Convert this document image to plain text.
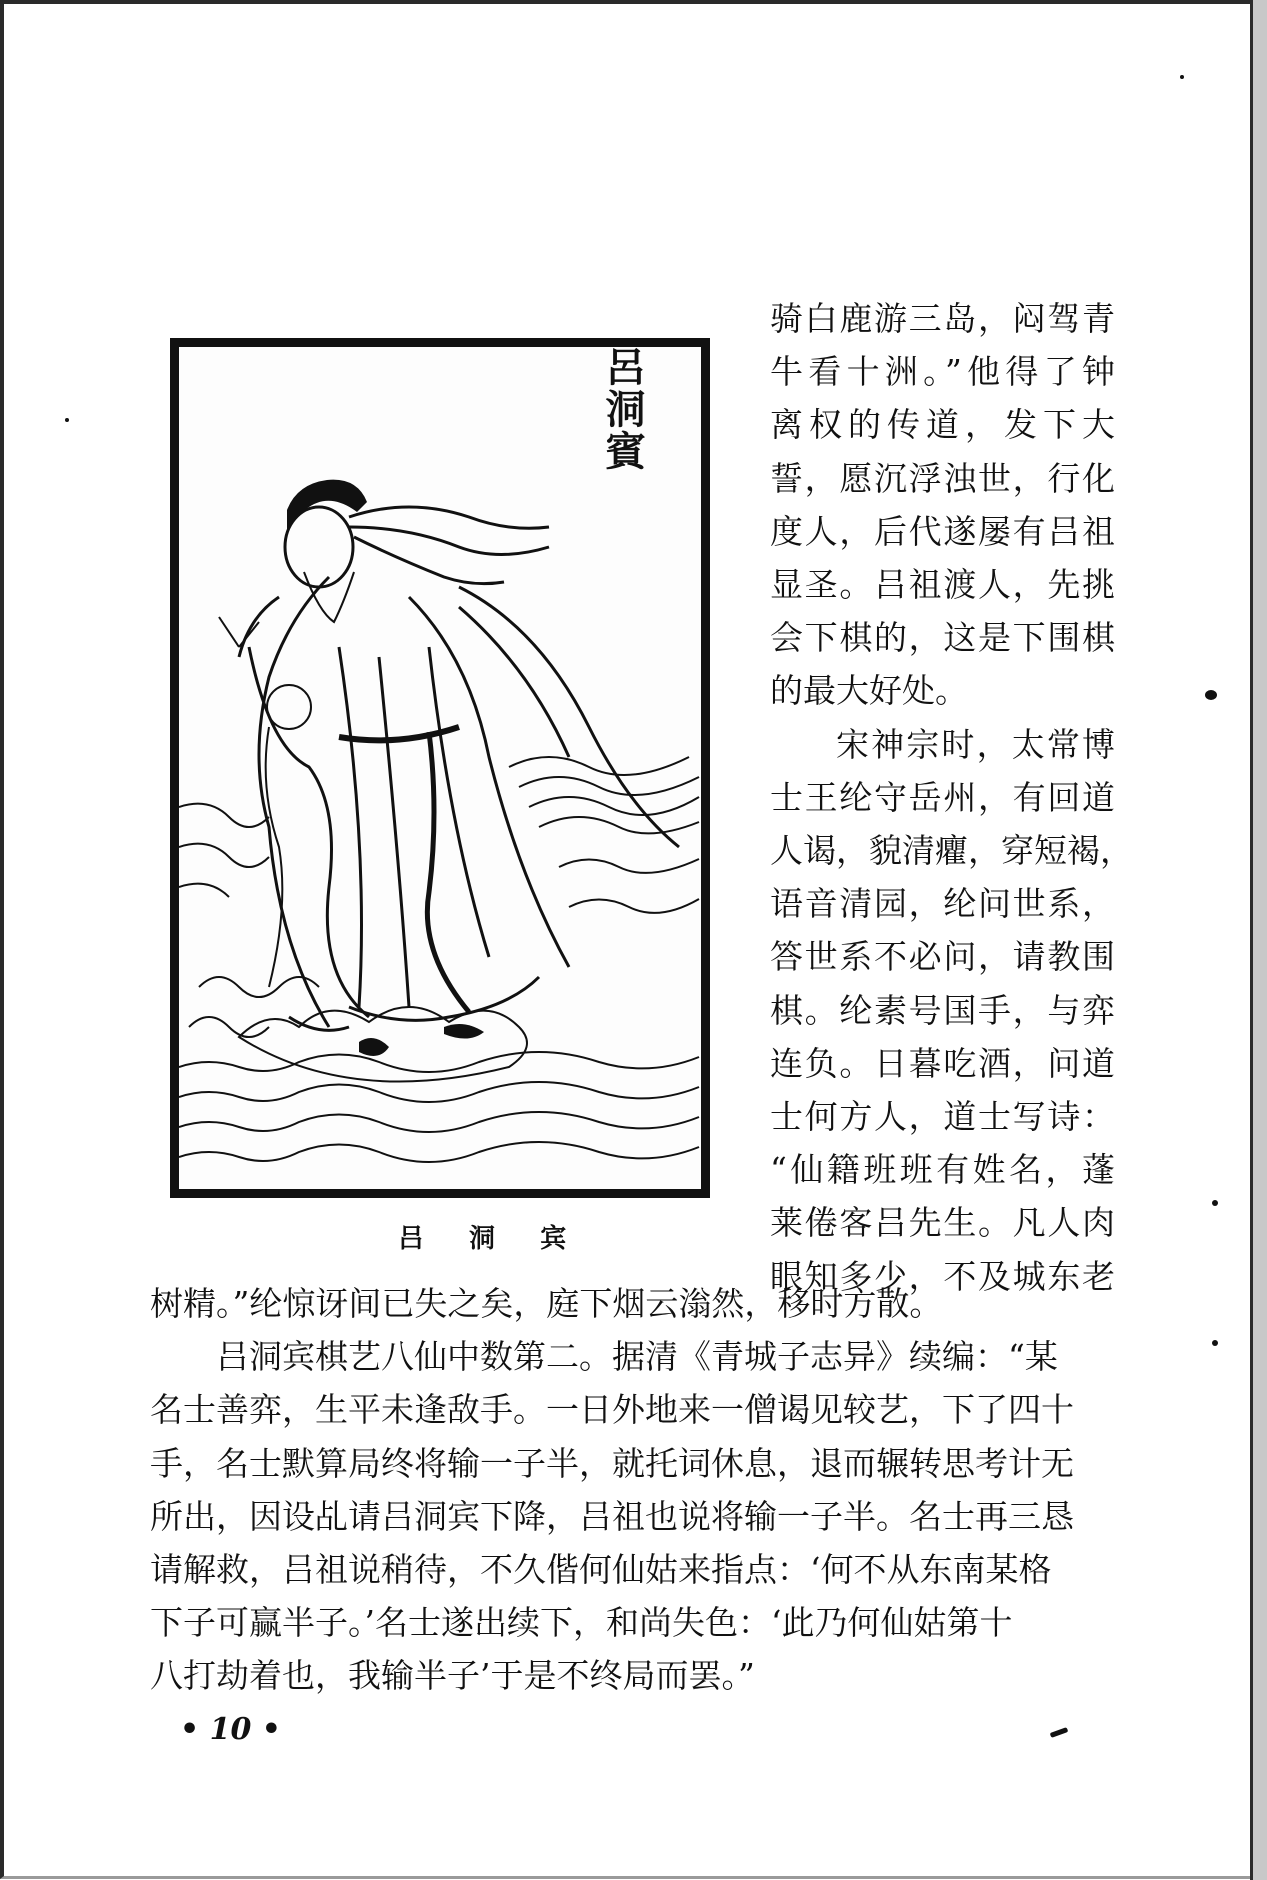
呂洞賓
吕 洞 宾
骑白鹿游三岛，闷驾青
牛看十洲。”他得了钟
离权的传道，发下大
誓，愿沉浮浊世，行化
度人，后代遂屡有吕祖
显圣。吕祖渡人，先挑
会下棋的，这是下围棋
的最大好处。
宋神宗时，太常博
士王纶守岳州，有回道
人谒，貌清癯，穿短褐，
语音清园，纶问世系，
答世系不必问，请教围
棋。纶素号国手，与弈
连负。日暮吃酒，问道
士何方人，道士写诗：
“仙籍班班有姓名，蓬
莱倦客吕先生。凡人肉
眼知多少，不及城东老
树精。”纶惊讶间已失之矣，庭下烟云滃然，移时方散。
吕洞宾棋艺八仙中数第二。据清《青城子志异》续编：“某
名士善弈，生平未逢敌手。一日外地来一僧谒见较艺，下了四十
手，名士默算局终将输一子半，就托词休息，退而辗转思考计无
所出，因设乩请吕洞宾下降，吕祖也说将输一子半。名士再三恳
请解救，吕祖说稍待，不久偕何仙姑来指点：‘何不从东南某格
下子可赢半子。’名士遂出续下，和尚失色：‘此乃何仙姑第十
八打劫着也，我输半子’于是不终局而罢。”
• 10 •
